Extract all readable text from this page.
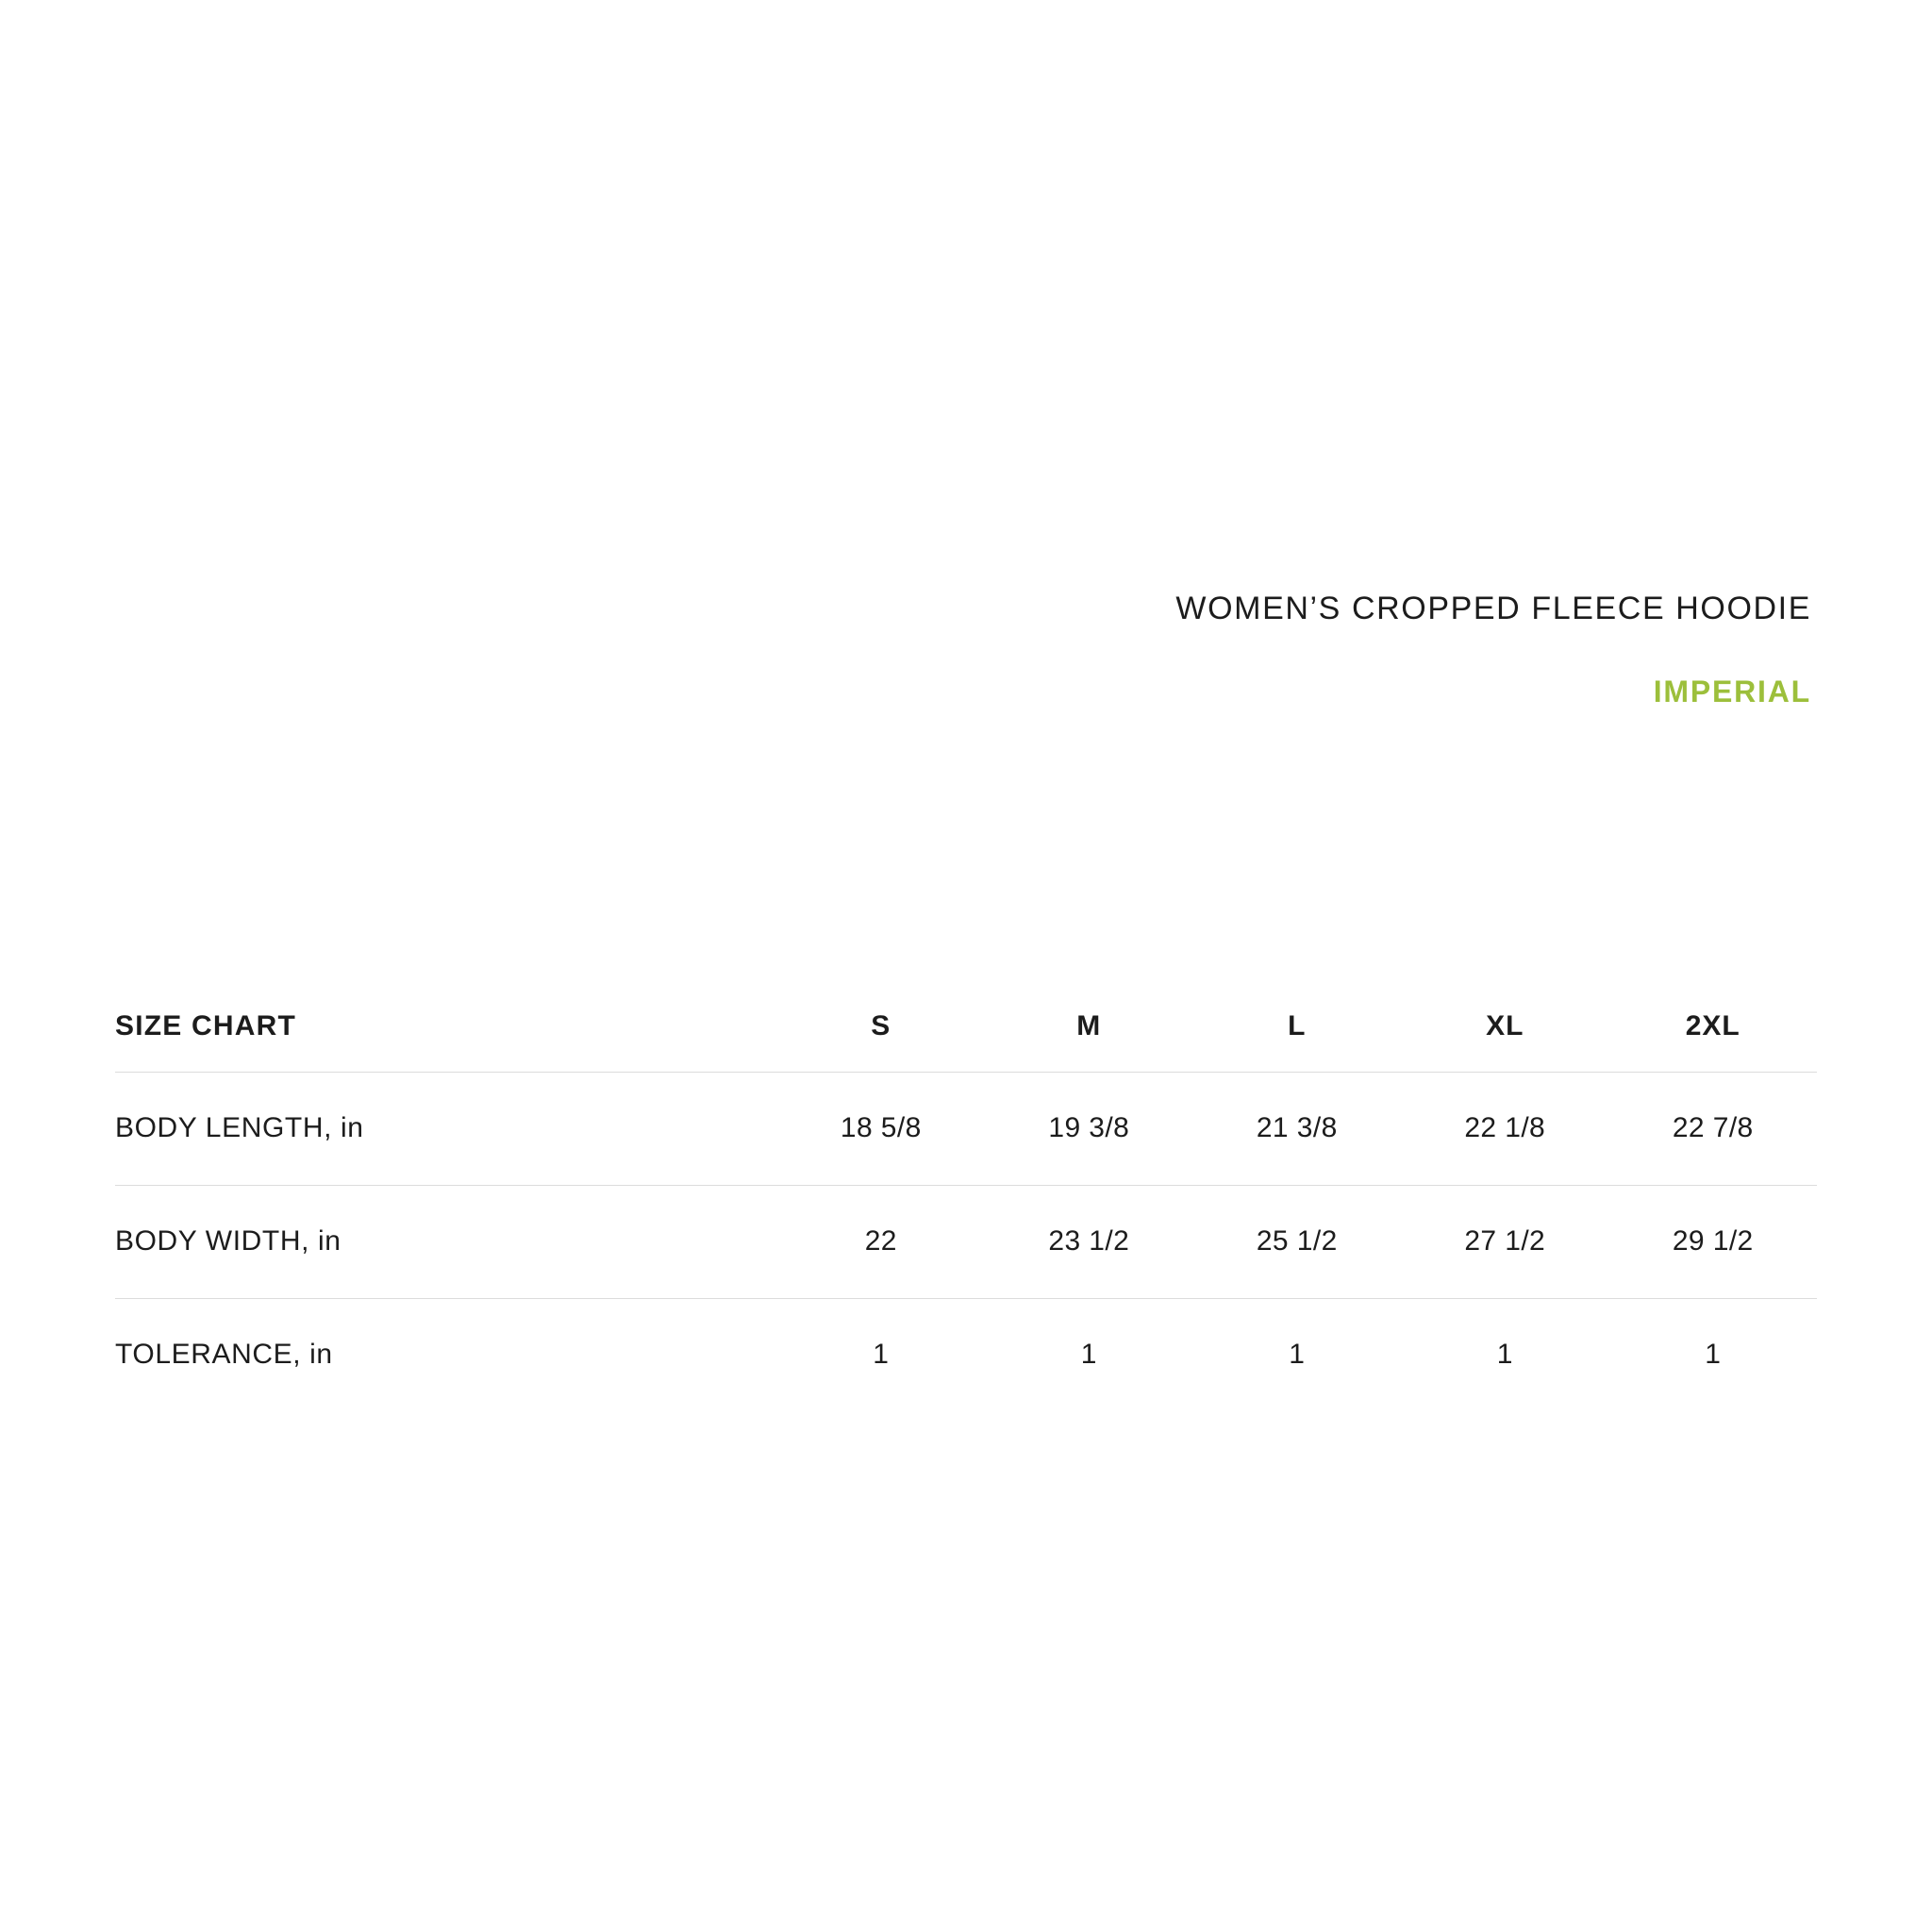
WOMEN’S CROPPED FLEECE HOODIE
IMPERIAL
SIZE CHART	S	M	L	XL	2XL
BODY LENGTH, in	18 5/8	19 3/8	21 3/8	22 1/8	22 7/8
BODY WIDTH, in	22	23 1/2	25 1/2	27 1/2	29 1/2
TOLERANCE, in	1	1	1	1	1
